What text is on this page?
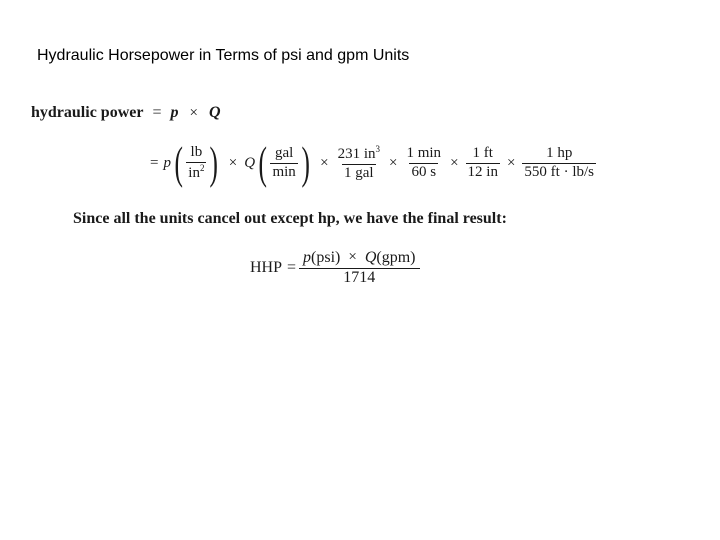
Hydraulic Horsepower in Terms of psi and gpm Units
hydraulic power = p × Q
= p ( $\frac{lb}{in^2}$ ) × Q ( $\frac{\text{gal}}{\min}$ ) × $\frac{231 in^3}{\text{1 gal}} \times \frac{1 \min}{60 s} \times \frac{1 ft}{12 in} \times \frac{1 hp}{550 ft \cdot lb/s}$
Since all the units cancel out except hp, we have the final result:
HHP = $\frac{\text{p(psi) × Q(gpm)}}{1714}$
